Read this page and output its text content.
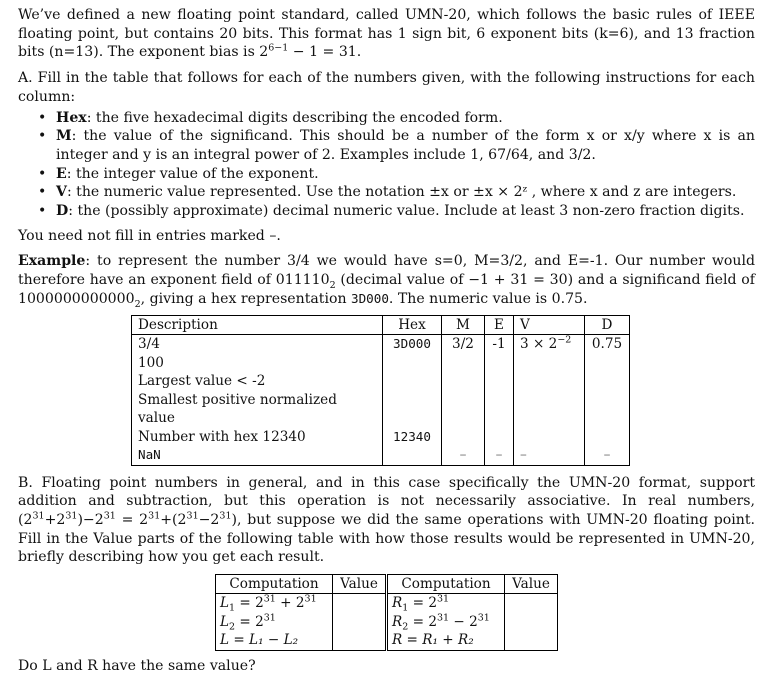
We’ve defined a new floating point standard, called UMN-20, which follows the basic rules of IEEE floating point, but contains 20 bits. This format has 1 sign bit, 6 exponent bits (k=6), and 13 fraction bits (n=13). The exponent bias is $2^{6-1} - 1 = 31$.

A. Fill in the table that follows for each of the numbers given, with the following instructions for each column:

• Hex: the five hexadecimal digits describing the encoded form.
• M: the value of the significand. This should be a number of the form x or x/y where x is an integer and y is an integral power of 2. Examples include 1, 67/64, and 3/2.
• E: the integer value of the exponent.
• V: the numeric value represented. Use the notation ±x or ±x × 2ᶻ , where x and z are integers.
• D: the (possibly approximate) decimal numeric value. Include at least 3 non-zero fraction digits.

You need not fill in entries marked –.

Example: to represent the number 3/4 we would have s=0, M=3/2, and E=-1. Our number would therefore have an exponent field of $011110_2$ (decimal value of −1 + 31 = 30) and a significand field of $1000000000000_2$, giving a hex representation 3D000. The numeric value is 0.75.

Description	Hex	M	E	V	D
3/4	3D000	3/2	-1	$3 \times 2^{-2}$	0.75
100					
Largest value < -2					
Smallest positive normalized value					
Number with hex 12340	12340				
NaN		–	–	–	–

B. Floating point numbers in general, and in this case specifically the UMN-20 format, support addition and subtraction, but this operation is not necessarily associative. In real numbers, $(2^{31}+2^{31})-2^{31} = 2^{31}+(2^{31}-2^{31})$, but suppose we did the same operations with UMN-20 floating point. Fill in the Value parts of the following table with how those results would be represented in UMN-20, briefly describing how you get each result.

Computation	Value	Computation	Value
$L_1 = 2^{31} + 2^{31}$		$R_1 = 2^{31}$	
$L_2 = 2^{31}$		$R_2 = 2^{31} - 2^{31}$	
L = L₁ − L₂		R = R₁ + R₂	

Do L and R have the same value?
